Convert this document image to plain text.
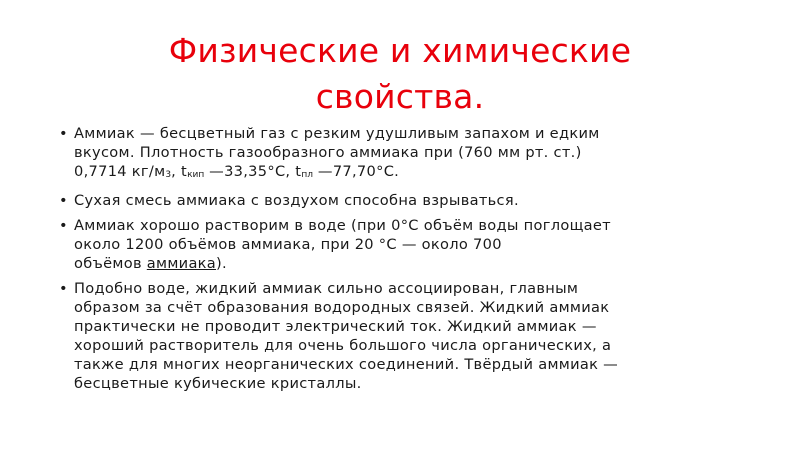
Физические и химические
свойства.
• Аммиак — бесцветный газ с резким удушливым запахом и едким
вкусом. Плотность газообразного аммиака при (760 мм рт. ст.)
0,7714 кг/м3, tкип —33,35°C, tпл —77,70°C.
• Сухая смесь аммиака с воздухом способна взрываться.
• Аммиак хорошо растворим в воде (при 0°С объём воды поглощает
около 1200 объёмов аммиака, при 20 °C — около 700
объёмов аммиака).
• Подобно воде, жидкий аммиак сильно ассоциирован, главным
образом за счёт образования водородных связей. Жидкий аммиак
практически не проводит электрический ток. Жидкий аммиак —
хороший растворитель для очень большого числа органических, а
также для многих неорганических соединений. Твёрдый аммиак —
бесцветные кубические кристаллы.
